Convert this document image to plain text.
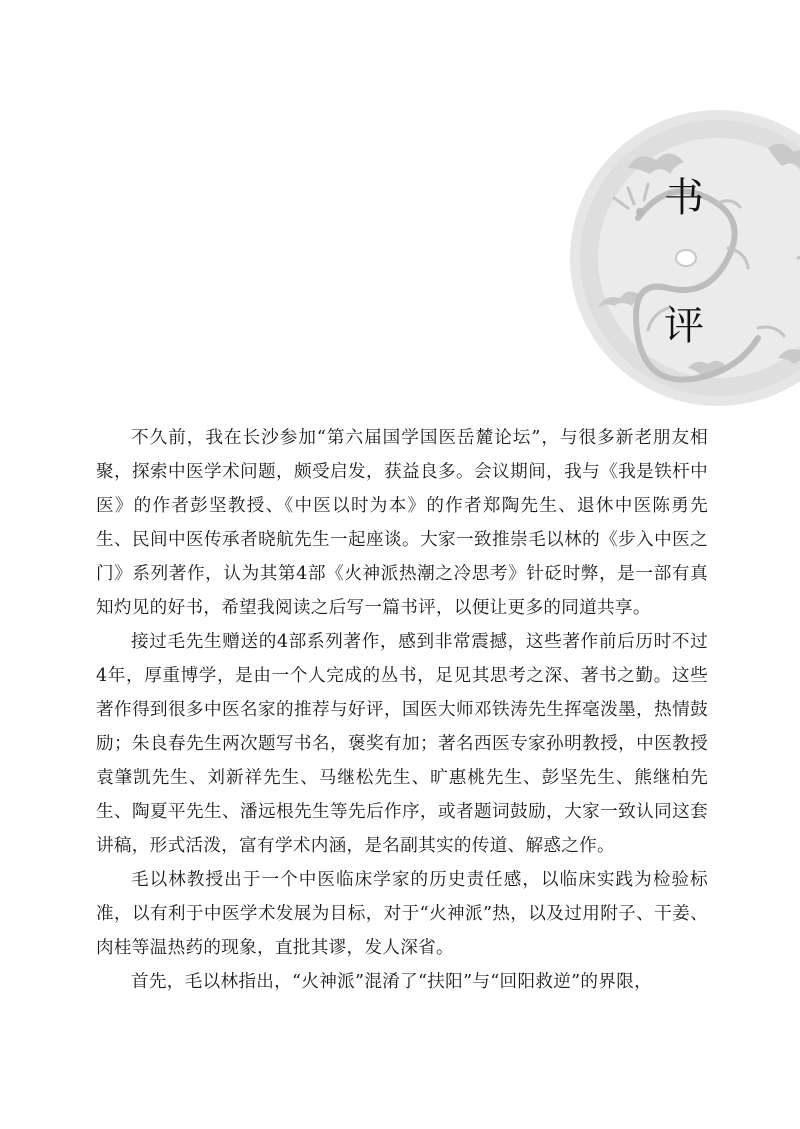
书
评

不久前，我在长沙参加“第六届国学国医岳麓论坛”，与很多新老朋友相聚，探索中医学术问题，颇受启发，获益良多。会议期间，我与《我是铁杆中医》的作者彭坚教授、《中医以时为本》的作者郑陶先生、退休中医陈勇先生、民间中医传承者晓航先生一起座谈。大家一致推崇毛以林的《步入中医之门》系列著作，认为其第4部《火神派热潮之冷思考》针砭时弊，是一部有真知灼见的好书，希望我阅读之后写一篇书评，以便让更多的同道共享。

接过毛先生赠送的4部系列著作，感到非常震撼，这些著作前后历时不过4年，厚重博学，是由一个人完成的丛书，足见其思考之深、著书之勤。这些著作得到很多中医名家的推荐与好评，国医大师邓铁涛先生挥毫泼墨，热情鼓励；朱良春先生两次题写书名，褒奖有加；著名西医专家孙明教授，中医教授袁肇凯先生、刘新祥先生、马继松先生、旷惠桃先生、彭坚先生、熊继柏先生、陶夏平先生、潘远根先生等先后作序，或者题词鼓励，大家一致认同这套讲稿，形式活泼，富有学术内涵，是名副其实的传道、解惑之作。

毛以林教授出于一个中医临床学家的历史责任感，以临床实践为检验标准，以有利于中医学术发展为目标，对于“火神派”热，以及过用附子、干姜、肉桂等温热药的现象，直批其谬，发人深省。

首先，毛以林指出，“火神派”混淆了“扶阳”与“回阳救逆”的界限，
